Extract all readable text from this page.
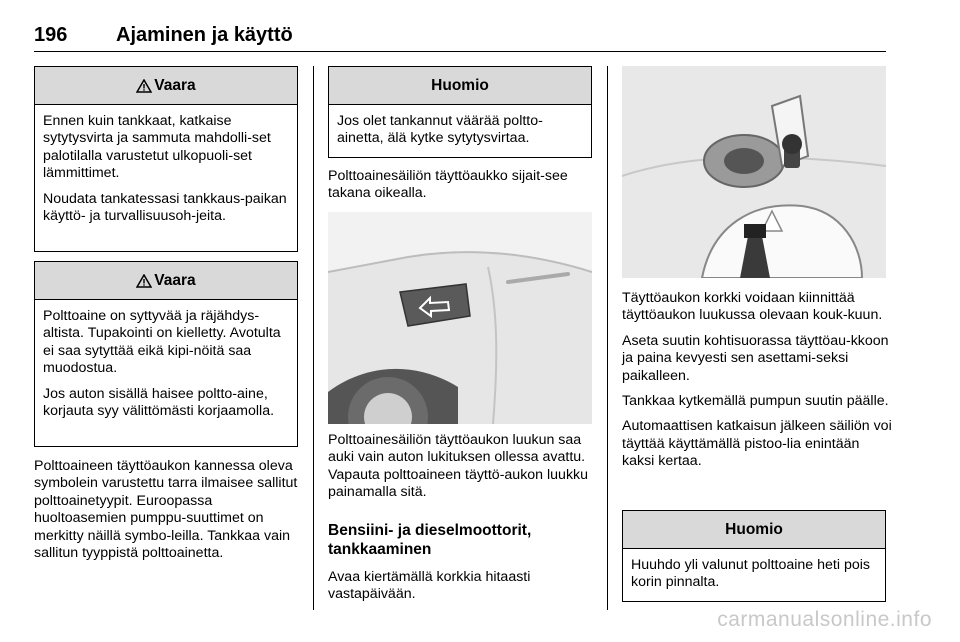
196 Ajaminen ja käyttö
Vaara

Ennen kuin tankkaat, katkaise sytytysvirta ja sammuta mahdolli-set palotilalla varustetut ulkopuoli-set lämmittimet.

Noudata tankatessasi tankkaus-paikan käyttö- ja turvallisuusoh-jeita.

Vaara

Polttoaine on syttyvää ja räjähdys-altista. Tupakointi on kielletty. Avotulta ei saa sytyttää eikä kipi-nöitä saa muodostua.

Jos auton sisällä haisee poltto-aine, korjauta syy välittömästi korjaamolla.

Polttoaineen täyttöaukon kannessa oleva symbolein varustettu tarra ilmaisee sallitut polttoainetyypit. Euroopassa huoltoasemien pumppu-suuttimet on merkitty näillä symbo-leilla. Tankkaa vain sallitun tyyppistä polttoainetta.

Huomio

Jos olet tankannut väärää poltto-ainetta, älä kytke sytytysvirtaa.

Polttoainesäiliön täyttöaukko sijait-see takana oikealla.

Polttoainesäiliön täyttöaukon luukun saa auki vain auton lukituksen ollessa avattu. Vapauta polttoaineen täyttö-aukon luukku painamalla sitä.

Bensiini- ja dieselmoottorit, tankkaaminen

Avaa kiertämällä korkkia hitaasti vastapäivään.

Täyttöaukon korkki voidaan kiinnittää täyttöaukon luukussa olevaan kouk-kuun.

Aseta suutin kohtisuorassa täyttöau-kkoon ja paina kevyesti sen asettami-seksi paikalleen.

Tankkaa kytkemällä pumpun suutin päälle.

Automaattisen katkaisun jälkeen säiliön voi täyttää käyttämällä pistoo-lia enintään kaksi kertaa.

Huomio

Huuhdo yli valunut polttoaine heti pois korin pinnalta.

carmanualsonline.info
